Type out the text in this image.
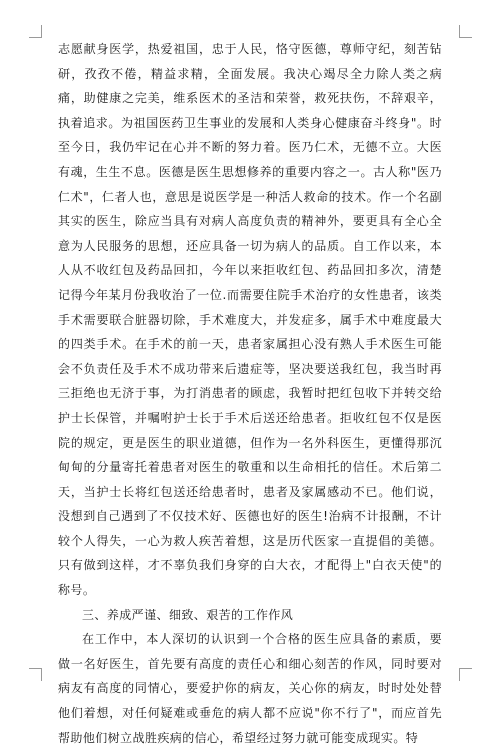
志愿献身医学，热爱祖国，忠于人民，恪守医德，尊师守纪，刻苦钻研，孜孜不倦，精益求精，全面发展。我决心竭尽全力除人类之病痛，助健康之完美，维系医术的圣洁和荣誉，救死扶伤，不辞艰辛，执着追求。为祖国医药卫生事业的发展和人类身心健康奋斗终身"。时至今日，我仍牢记在心并不断的努力着。医乃仁术，无德不立。大医有魂，生生不息。医德是医生思想修养的重要内容之一。古人称"医乃仁术"，仁者人也，意思是说医学是一种活人救命的技术。作一个名副其实的医生，除应当具有对病人高度负责的精神外，要更具有全心全意为人民服务的思想，还应具备一切为病人的品质。自工作以来，本人从不收红包及药品回扣，今年以来拒收红包、药品回扣多次，清楚记得今年某月份我收治了一位.而需要住院手术治疗的女性患者，该类手术需要联合脏器切除，手术难度大，并发症多，属手术中难度最大的四类手术。在手术的前一天，患者家属担心没有熟人手术医生可能会不负责任及手术不成功带来后遗症等，坚决要送我红包，我当时再三拒绝也无济于事，为打消患者的顾虑，我暂时把红包收下并转交给护士长保管，并嘱咐护士长于手术后送还给患者。拒收红包不仅是医院的规定，更是医生的职业道德，但作为一名外科医生，更懂得那沉甸甸的分量寄托着患者对医生的敬重和以生命相托的信任。术后第二天，当护士长将红包送还给患者时，患者及家属感动不已。他们说，没想到自己遇到了不仅技术好、医德也好的医生!治病不计报酬，不计较个人得失，一心为救人疾苦着想，这是历代医家一直提倡的美德。只有做到这样，才不辜负我们身穿的白大衣，才配得上"白衣天使"的称号。

三、养成严谨、细致、艰苦的工作作风

在工作中，本人深切的认识到一个合格的医生应具备的素质，要做一名好医生，首先要有高度的责任心和细心刻苦的作风，同时要对病友有高度的同情心，要爱护你的病友，关心你的病友，时时处处替他们着想，对任何疑难或垂危的病人都不应说"你不行了"，而应首先帮助他们树立战胜疾病的信心，希望经过努力就可能变成现实。特
